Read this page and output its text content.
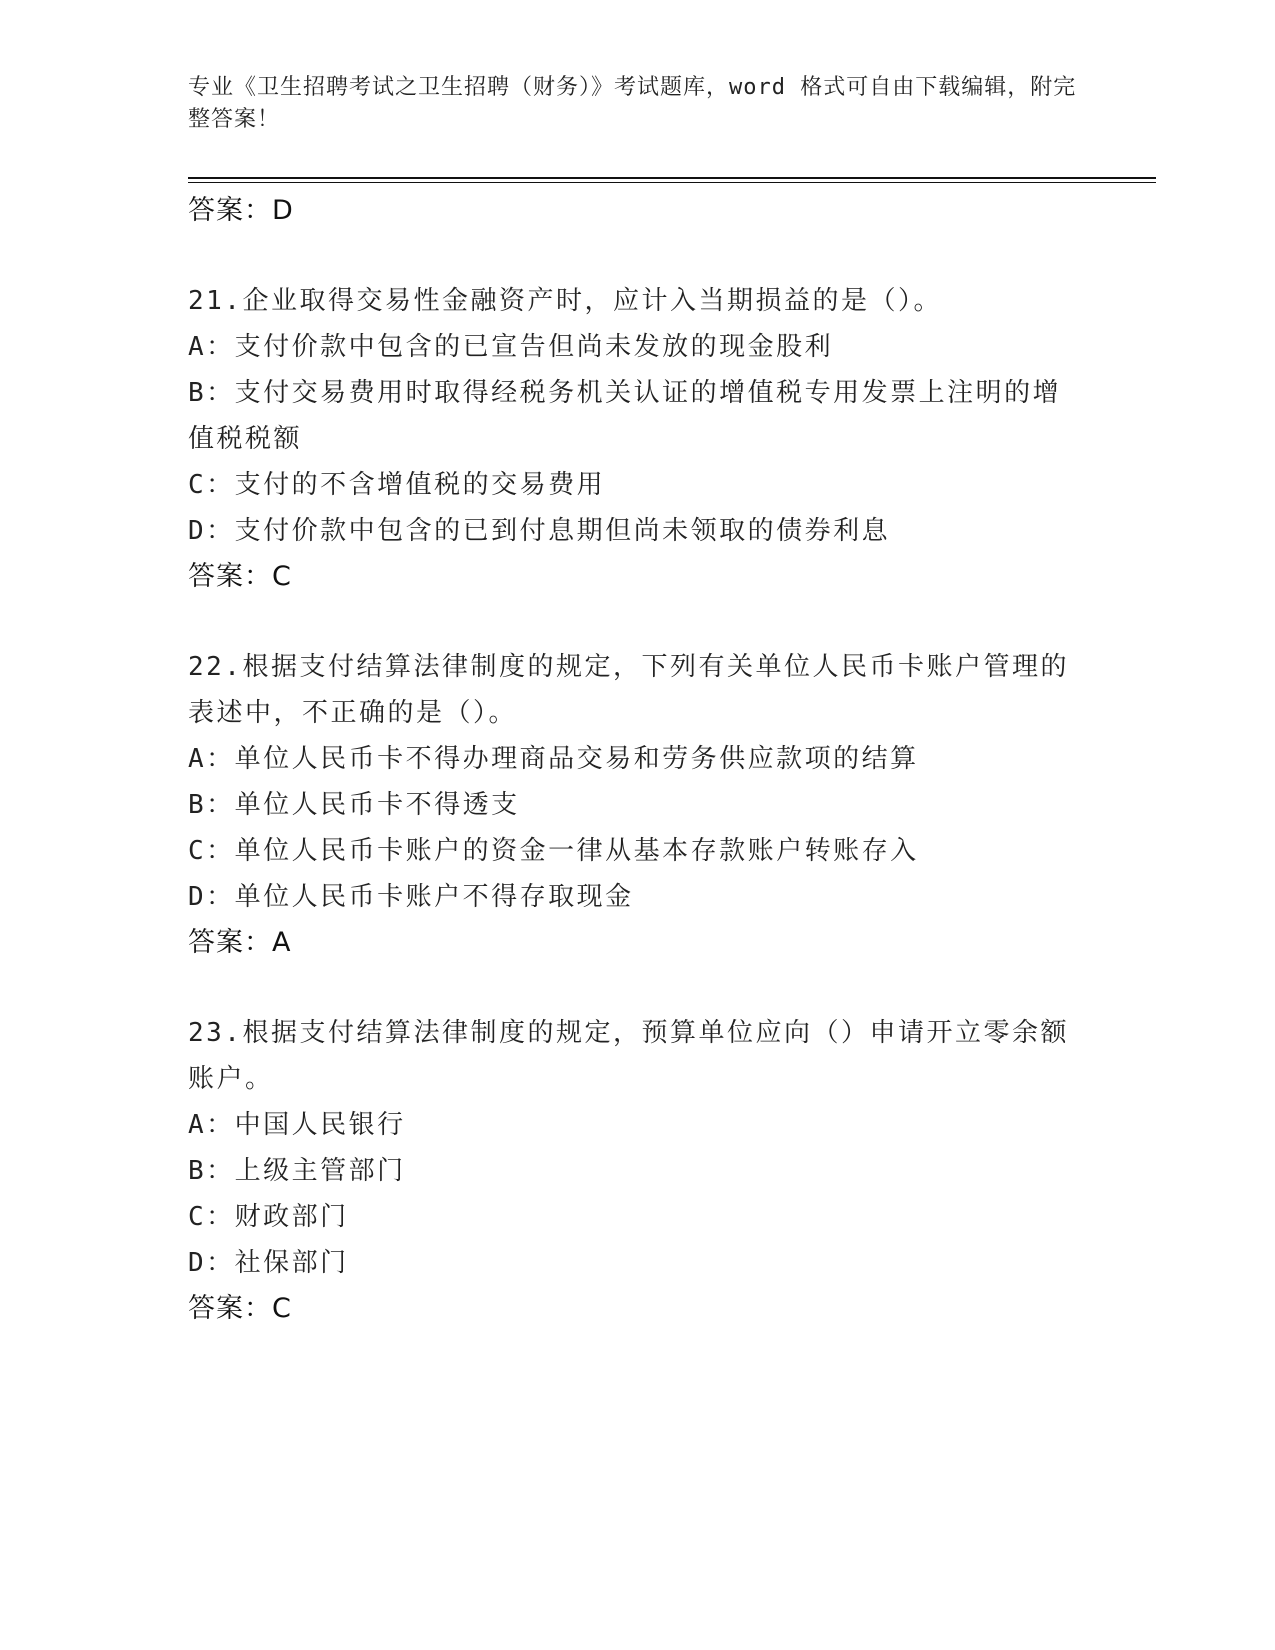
专业《卫生招聘考试之卫生招聘（财务）》考试题库，word 格式可自由下载编辑，附完整答案！
答案：D
21.企业取得交易性金融资产时，应计入当期损益的是（）。
A：支付价款中包含的已宣告但尚未发放的现金股利
B：支付交易费用时取得经税务机关认证的增值税专用发票上注明的增值税税额
C：支付的不含增值税的交易费用
D：支付价款中包含的已到付息期但尚未领取的债券利息
答案：C
22.根据支付结算法律制度的规定，下列有关单位人民币卡账户管理的表述中，不正确的是（）。
A：单位人民币卡不得办理商品交易和劳务供应款项的结算
B：单位人民币卡不得透支
C：单位人民币卡账户的资金一律从基本存款账户转账存入
D：单位人民币卡账户不得存取现金
答案：A
23.根据支付结算法律制度的规定，预算单位应向（）申请开立零余额账户。
A：中国人民银行
B：上级主管部门
C：财政部门
D：社保部门
答案：C
